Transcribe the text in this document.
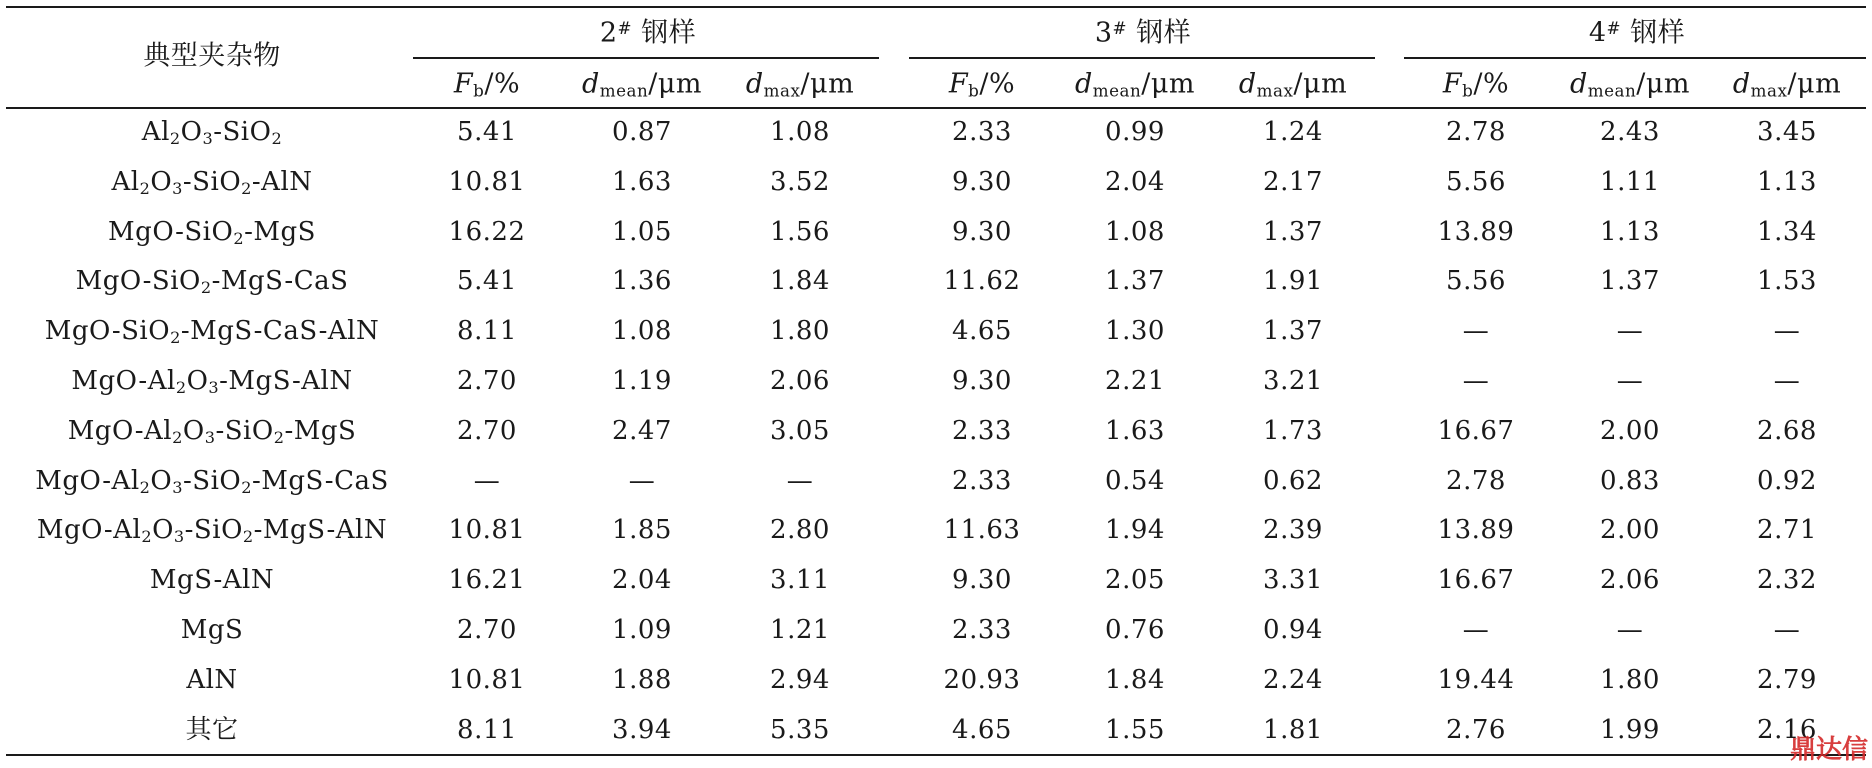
典型夹杂物
2# 钢样	3# 钢样	4# 钢样
$F_b/\%$ $d_{mean}/\mu m$ $d_{max}/\mu m$	$F_b/\%$ $d_{mean}/\mu m$ $d_{max}/\mu m$	$F_b/\%$ $d_{mean}/\mu m$ $d_{max}/\mu m$
$Al_2O_3-SiO_2$	5.41	0.87	1.08	2.33	0.99	1.24	2.78	2.43	3.45
$Al_2O_3-SiO_2$-AlN	10.81	1.63	3.52	9.30	2.04	2.17	5.56	1.11	1.13
MgO-SiO$_2$-MgS	16.22	1.05	1.56	9.30	1.08	1.37	13.89	1.13	1.34
MgO-SiO$_2$-MgS-CaS	5.41	1.36	1.84	11.62	1.37	1.91	5.56	1.37	1.53
MgO-SiO$_2$-MgS-CaS-AlN	8.11	1.08	1.80	4.65	1.30	1.37	—	—	—
MgO-$Al_2O_3-MgS$-AlN	2.70	1.19	2.06	9.30	2.21	3.21	—	—	—
MgO-$Al_2O_3-SiO_2$-MgS	2.70	2.47	3.05	2.33	1.63	1.73	16.67	2.00	2.68
MgO-$Al_2O_3-SiO_2-MgS$-CaS	—	—	—	2.33	0.54	0.62	2.78	0.83	0.92
MgO-$Al_2O_3-SiO_2-MgS$-AlN 10.81	1.85	2.80	11.63	1.94	2.39	13.89	2.00	2.71
MgS-AlN	16.21	2.04	3.11	9.30	2.05	3.31	16.67	2.06	2.32
MgS	2.70	1.09	1.21	2.33	0.76	0.94	—	—	—
AlN	10.81	1.88	2.94	20.93	1.84	2.24	19.44	1.80	2.79
其它	8.11	3.94	5.35	4.65	1.55	1.81	2.76	1.99	2.16
鼎达信
